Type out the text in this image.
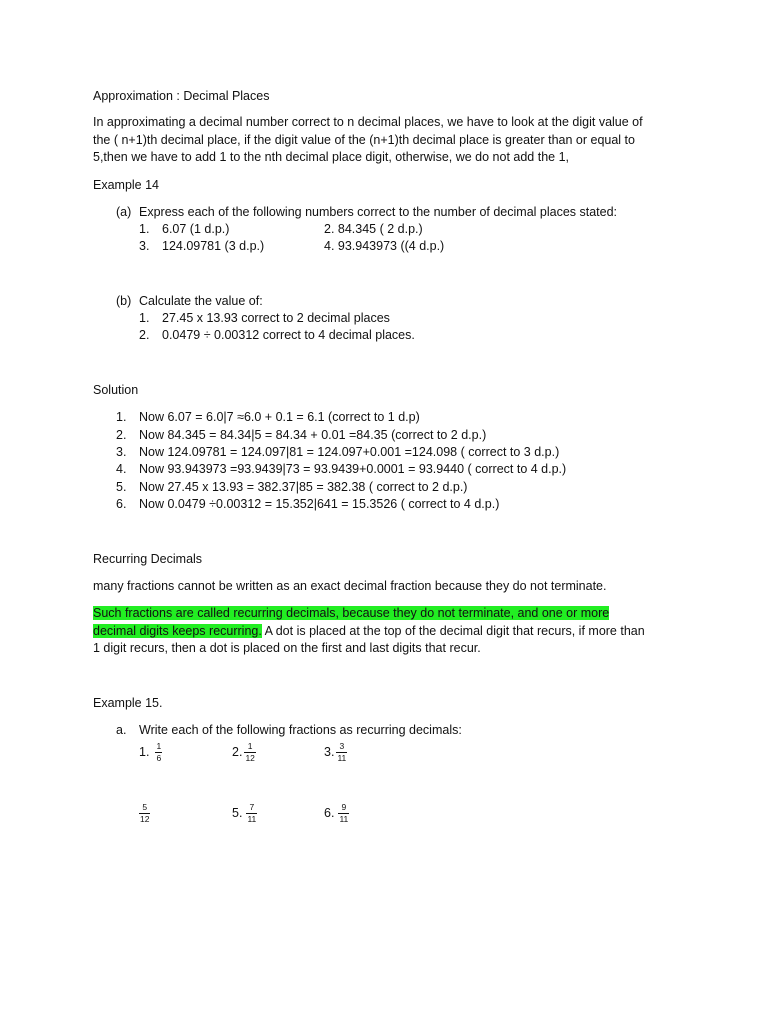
Approximation : Decimal Places
In approximating a decimal number correct to n decimal places, we have to look at the digit value of
the ( n+1)th decimal place, if the digit value of the (n+1)th decimal place is greater than or equal to
5,then we have to add 1 to the nth decimal place digit, otherwise, we do not add the 1,
Example 14
(a) Express each of the following numbers correct to the number of decimal places stated:
1. 6.07 (1 d.p.)	2. 84.345 ( 2 d.p.)
3. 124.09781 (3 d.p.)	4. 93.943973 ((4 d.p.)
(b) Calculate the value of:
1. 27.45 x 13.93 correct to 2 decimal places
2. 0.0479 ÷ 0.00312 correct to 4 decimal places.
Solution
1. Now 6.07 = 6.0|7 ≈6.0 + 0.1 = 6.1 (correct to 1 d.p)
2. Now 84.345 = 84.34|5 = 84.34 + 0.01 =84.35 (correct to 2 d.p.)
3. Now 124.09781 = 124.097|81 = 124.097+0.001 =124.098 ( correct to 3 d.p.)
4. Now 93.943973 =93.9439|73 = 93.9439+0.0001 = 93.9440 ( correct to 4 d.p.)
5. Now 27.45 x 13.93 = 382.37|85 = 382.38 ( correct to 2 d.p.)
6. Now 0.0479 ÷0.00312 = 15.352|641 = 15.3526 ( correct to 4 d.p.)
Recurring Decimals
many fractions cannot be written as an exact decimal fraction because they do not terminate.
Such fractions are called recurring decimals, because they do not terminate, and one or more
decimal digits keeps recurring. A dot is placed at the top of the decimal digit that recurs, if more than
1 digit recurs, then a dot is placed on the first and last digits that recur.
Example 15.
a. Write each of the following fractions as recurring decimals:
1. $\frac{1}{6}$	2. $\frac{1}{12}$	3. $\frac{3}{11}$
$\frac{5}{12}$	5. $\frac{7}{11}$	6. $\frac{9}{11}$
